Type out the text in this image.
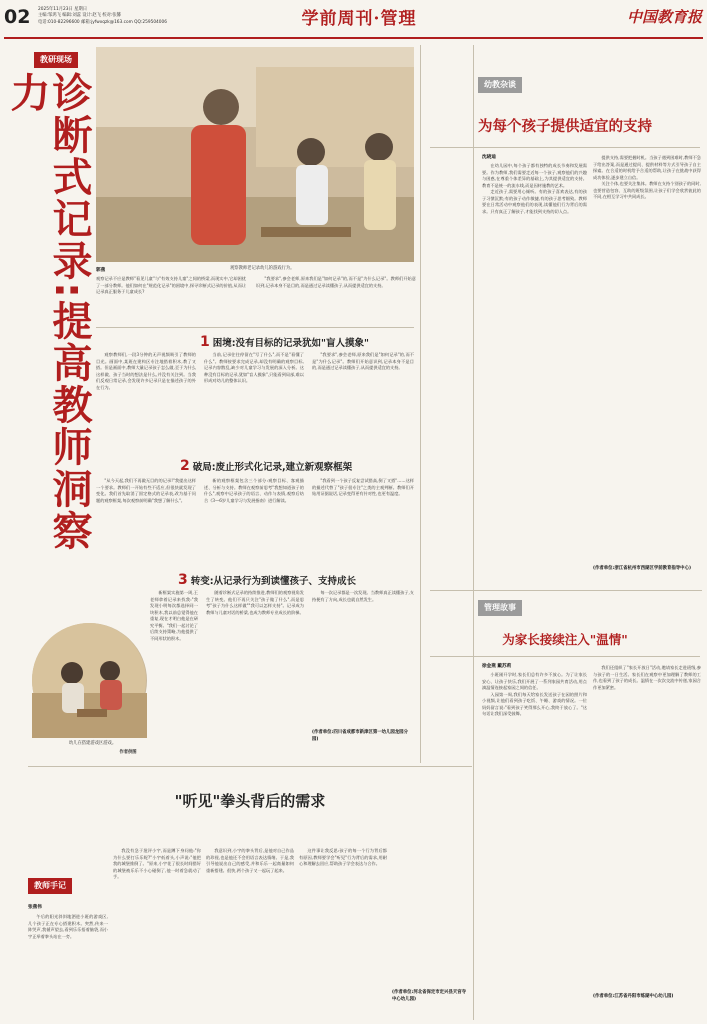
02 2025年11月23日 星期日
主编:邹鸿飞 编辑:刘蕊 设计:赵飞 校对:张馨
电话:010-82296600 邮箱:jyfwxqzk@163.com QQ:259504006	学前周刊·管理	中国教育报
教研现场
诊断式记录:提高教师洞察力
观察教师老记录幼儿的游戏行为。
郭燕
观察记录不应是教师"看见儿童"与"有效支持儿童"之间的桥梁,而现实中,它却困扰了一部分教师。他们如何在"规范化记录"的困境中,探寻诊断式记录的价值,从而让记录真正服务于儿童成长?

"我要求",参会老师,原来我们是"如何记录"的,而不是"为什么记录"。教师们开始意识到,记录本身不是目的,而是通过记录读懂孩子,从而提供适宜的支持。

1 困境:没有目标的记录犹如"盲人摸象"

观察教师们,一段3分钟的无声视频吸引了教师的目光。画面中,某班在建构区专注地搭着积木,教了又搭。但是画面中,教师大量记录孩子怎么做,至于为什么这样做、孩子当时的想法是什么,并没有关注到。当我们反观日常记录,会发现许多记录只是在描述孩子的外在行为。

当前,记录往往停留在"写了什么",而不是"看懂了什么"。教师按要求完成记录,却没有明确的观察目标,记录内容散乱,缺少对儿童学习与发展的深入分析。这种没有目标的记录,犹如"盲人摸象",只能看到局部,难以形成对幼儿的整体认识。

"我要求",参会老师,原来我们是"如何记录"的,而不是"为什么记录"。教师们开始意识到,记录本身不是目的,而是通过记录读懂孩子,从而提供适宜的支持。

2 破局:废止形式化记录,建立新观察框架

"从今天起,我们不再做无目的的记录!"我提出这样一个要求。教师们一开始有些不适应,但很快就发现了变化。我们首先取消了固定格式的记录表,改为基于问题的观察框架,每次观察前明确"我想了解什么"。

新的观察框架包含三个部分:观察目标、客观描述、分析与支持。教师在观察前思考"我想知道孩子的什么",观察中记录孩子的语言、动作与表情,观察后结合《3—6岁儿童学习与发展指南》进行解读。

"我看到一个孩子反复尝试搭高,倒了又搭"……这样的描述代替了"孩子很专注"之类的主观判断。教师们开始用证据说话,记录变得更有针对性,也更有温度。

3 转变:从记录行为到读懂孩子、支持成长
幼儿在搭建游戏区游戏。
作者供图

新框架实施第一周,王老师拿着记录来找我:"我发现小明每次都选择同一块积木,我以前总觉得他在重复,现在才明白他是在研究平衡。"我们一起讨论了后续支持策略,为他提供了不同形状的积木。

随着诊断式记录的持续推进,教师们的观察视角发生了转变。他们不再只关注"孩子做了什么",而是思考"孩子为什么这样做""我可以怎样支持"。记录成为教师与儿童对话的桥梁,也成为教师专业成长的阶梯。

每一次记录都是一次发现。当教师真正读懂孩子,支持便有了方向,成长也就自然发生。

(作者单位:四川省成都市新津区第一幼儿园龙园分园)
幼教杂谈
为每个孩子提供适宜的支持
沈晓迪

在幼儿园中,每个孩子都有独特的成长节奏和发展需要。作为教师,我们需要走近每一个孩子,观察他们的兴趣与困惑,在尊重个体差异的基础上,为其提供适宜的支持。教育不是统一的流水线,而是因材施教的艺术。

走近孩子,需要用心倾听。有的孩子喜欢表达,有的孩子习惯沉默;有的孩子动作敏捷,有的孩子思考细致。教师要在日常活动中观察他们的表现,读懂他们行为背后的需求。只有真正了解孩子,才能找到支持的切入点。

提供支持,需要把握时机。当孩子遇到困难时,教师不急于给出答案,而是通过提问、提供材料等方式引导孩子自主探索。在合适的时机给予合适的帮助,让孩子在挑战中获得成功体验,逐步建立自信。

关注个体,也要关注集体。教师在支持个别孩子的同时,也要营造包容、互助的班级氛围,让孩子们学会欣赏彼此的不同,在相互学习中共同成长。

(作者单位:浙江省杭州市西湖区学前教育指导中心)
管理故事
为家长接续注入"温情"
徐金燕 戴苏莉

小班刚开学时,家长们总有许多不放心。为了让家长安心、让孩子快乐,我们开展了一系列家园共育活动,用点滴温情连接起家园之间的信任。

入园第一周,我们每天给家长发送孩子在园的照片和小视频,让他们看到孩子吃饭、午睡、游戏的情况。一位妈妈留言说:"看到孩子笑得那么开心,我终于放心了。"这句话让我们深受鼓舞。

我们还组织了"家长开放日"活动,邀请家长走进班级,参与孩子的一日生活。家长们在观察中更加理解了教师的工作,也看到了孩子的成长。温情在一次次交流中传递,家园合作更加紧密。

(作者单位:江苏省丹阳市练湖中心幼儿园)
"听见"拳头背后的需求
教师手记
张燕伟

午后的阳光斜斜地洒进小班的游戏区,几个孩子正在专心搭建积木。突然,传来一阵哭声,我循声望去,看到乐乐捂着脑袋,而小宇正举着拳头站在一旁。

我没有急于批评小宇,而是蹲下身问他:"你为什么要打乐乐呢?"小宇低着头,小声说:"他把我的城堡推倒了。"原来,小宇花了很长时间搭好的城堡被乐乐不小心碰倒了,他一时着急就动了手。

我意识到,小宇的拳头背后,是他对自己作品的珍视,也是他还不会用语言表达情绪。于是,我引导他说出自己的感受,并和乐乐一起商量如何重新搭建。很快,两个孩子又一起玩了起来。

这件事让我反思:孩子的每一个行为背后都有原因,教师要学会"听见"行为背后的需求,用耐心和理解去回应,帮助孩子学会表达与合作。

(作者单位:河北省保定市定兴县天宫寺中心幼儿园)
